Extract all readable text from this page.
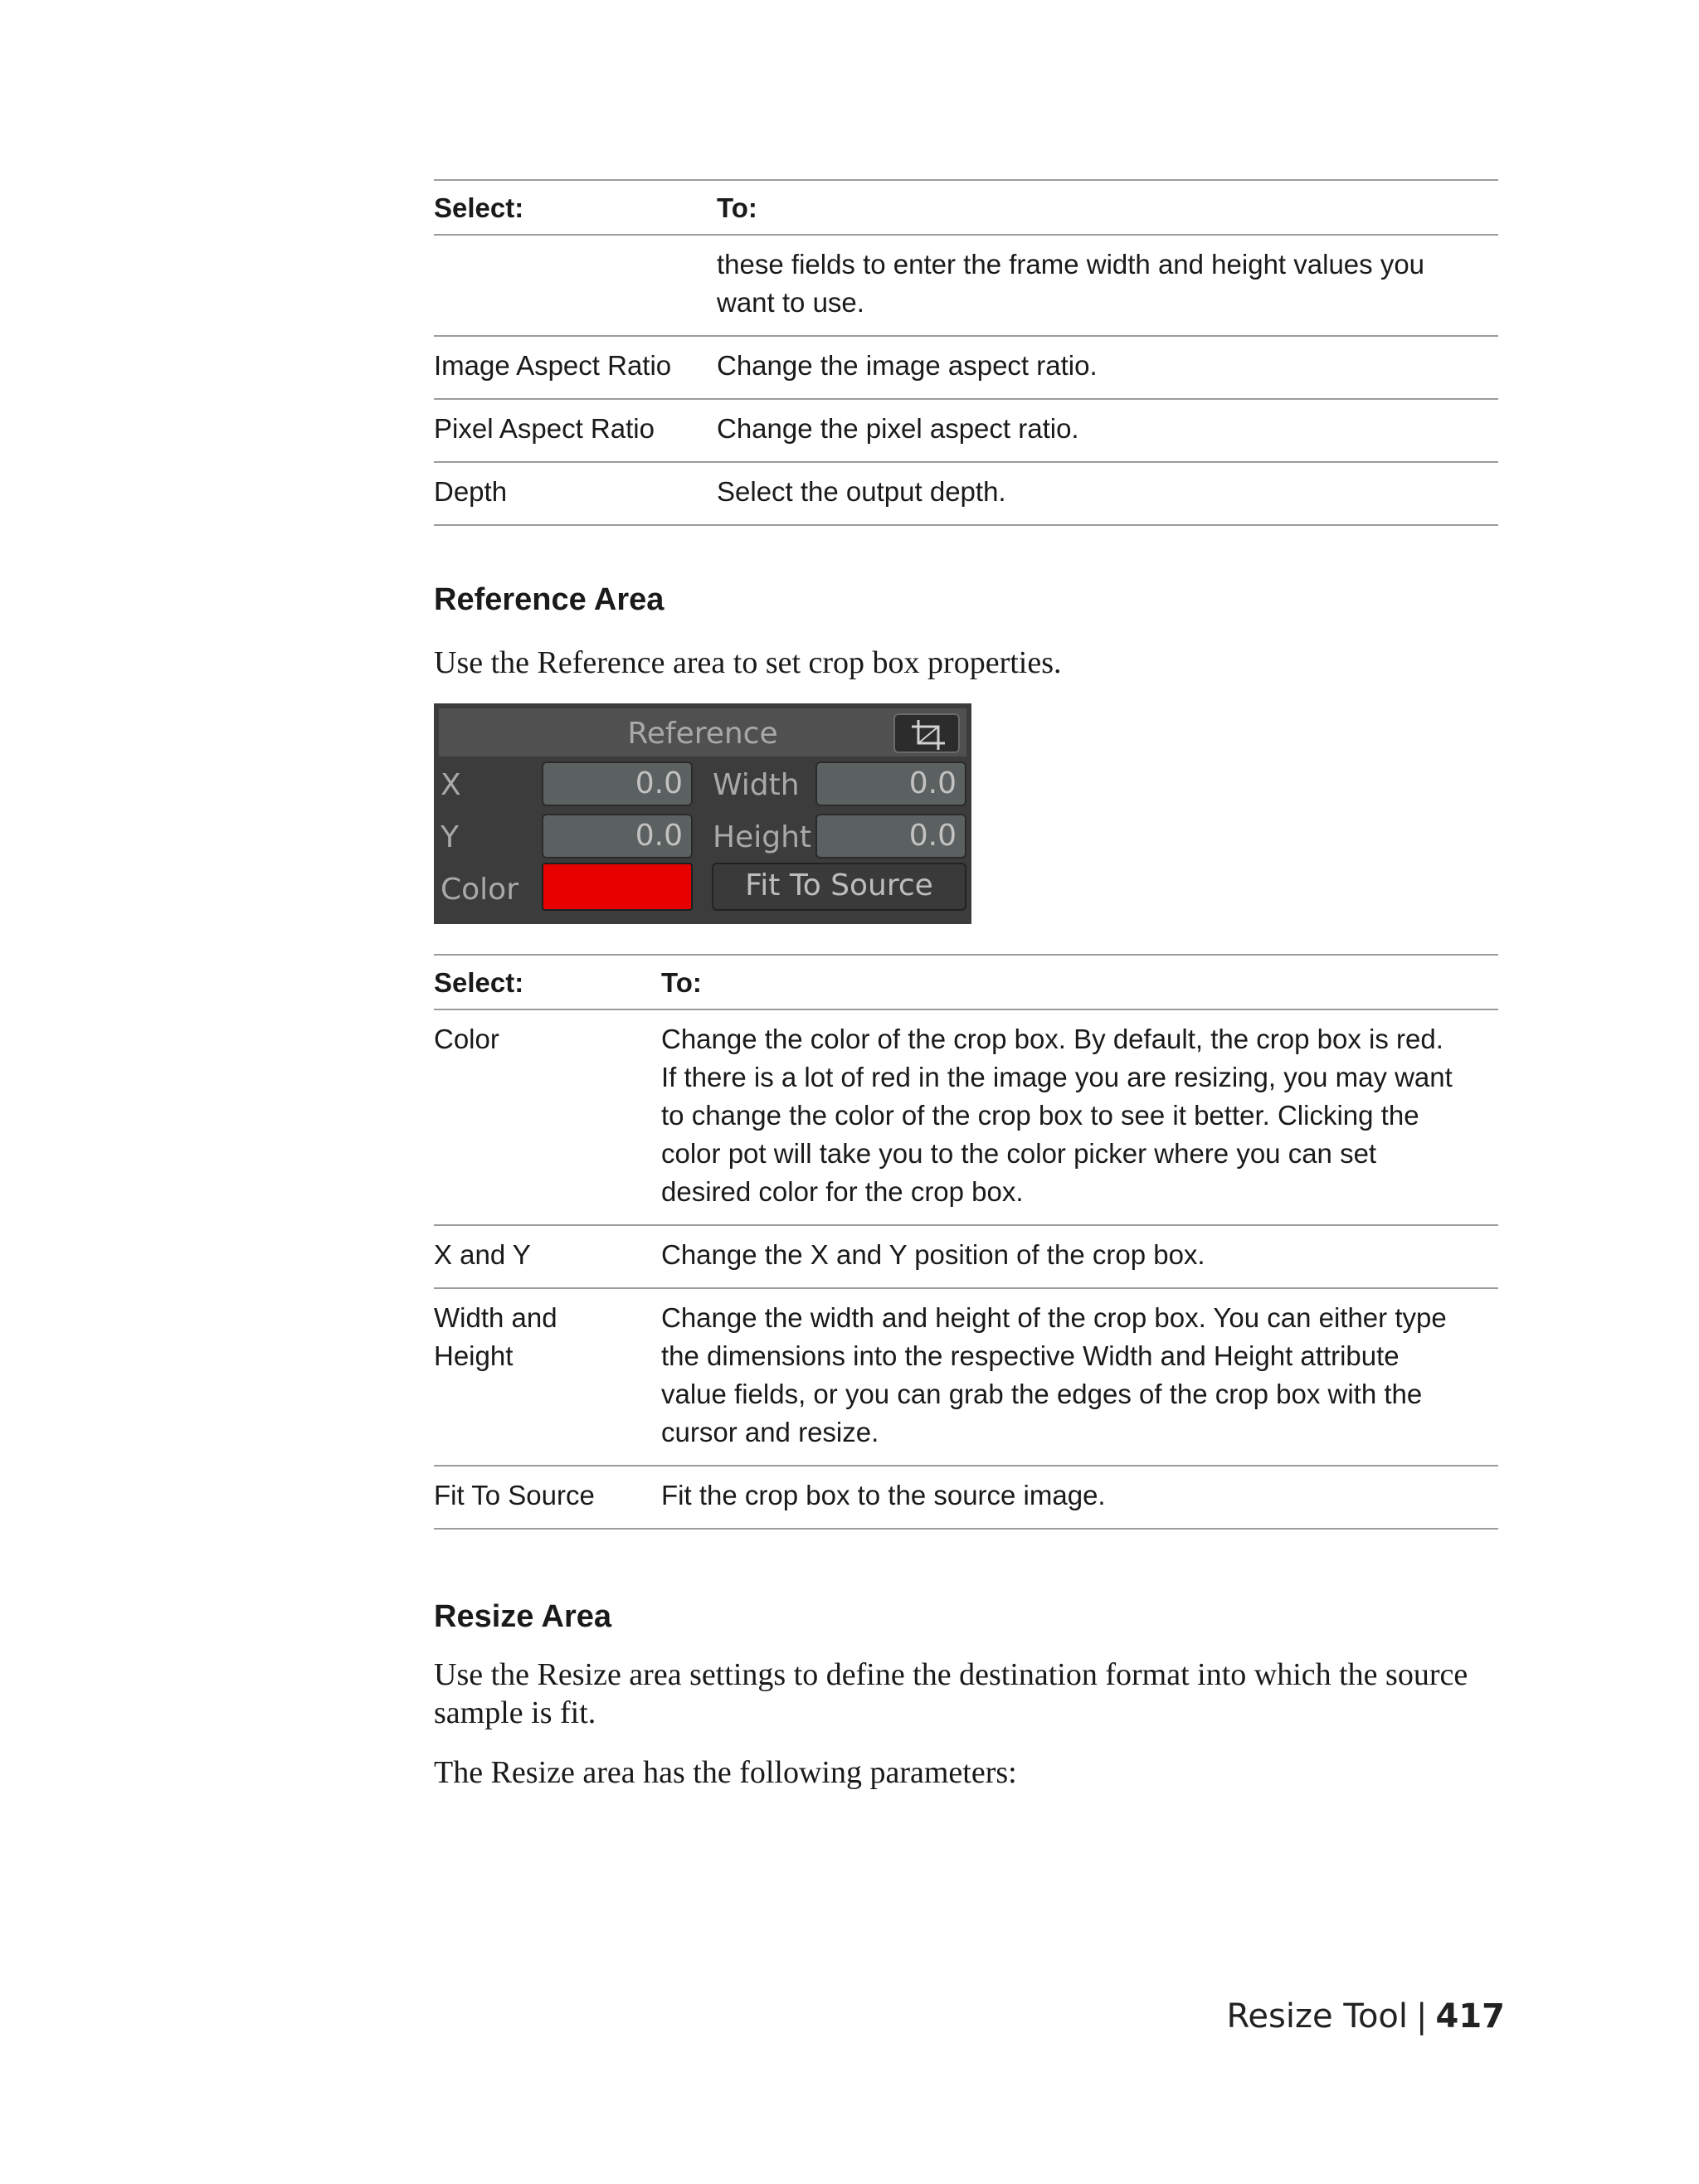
Select:	To:
	these fields to enter the frame width and height values you want to use.
Image Aspect Ratio	Change the image aspect ratio.
Pixel Aspect Ratio	Change the pixel aspect ratio.
Depth	Select the output depth.
Reference Area

Use the Reference area to set crop box properties.

Select:	To:
Color	Change the color of the crop box. By default, the crop box is red. If there is a lot of red in the image you are resizing, you may want to change the color of the crop box to see it better. Clicking the color pot will take you to the color picker where you can set desired color for the crop box.
X and Y	Change the X and Y position of the crop box.
Width and Height	Change the width and height of the crop box. You can either type the dimensions into the respective Width and Height attribute value fields, or you can grab the edges of the crop box with the cursor and resize.
Fit To Source	Fit the crop box to the source image.
Resize Area

Use the Resize area settings to define the destination format into which the source sample is fit.

The Resize area has the following parameters:

Reference
X	0.0	Width	0.0
Y	0.0	Height	0.0
Color	Fit To Source
Resize Tool | 417
